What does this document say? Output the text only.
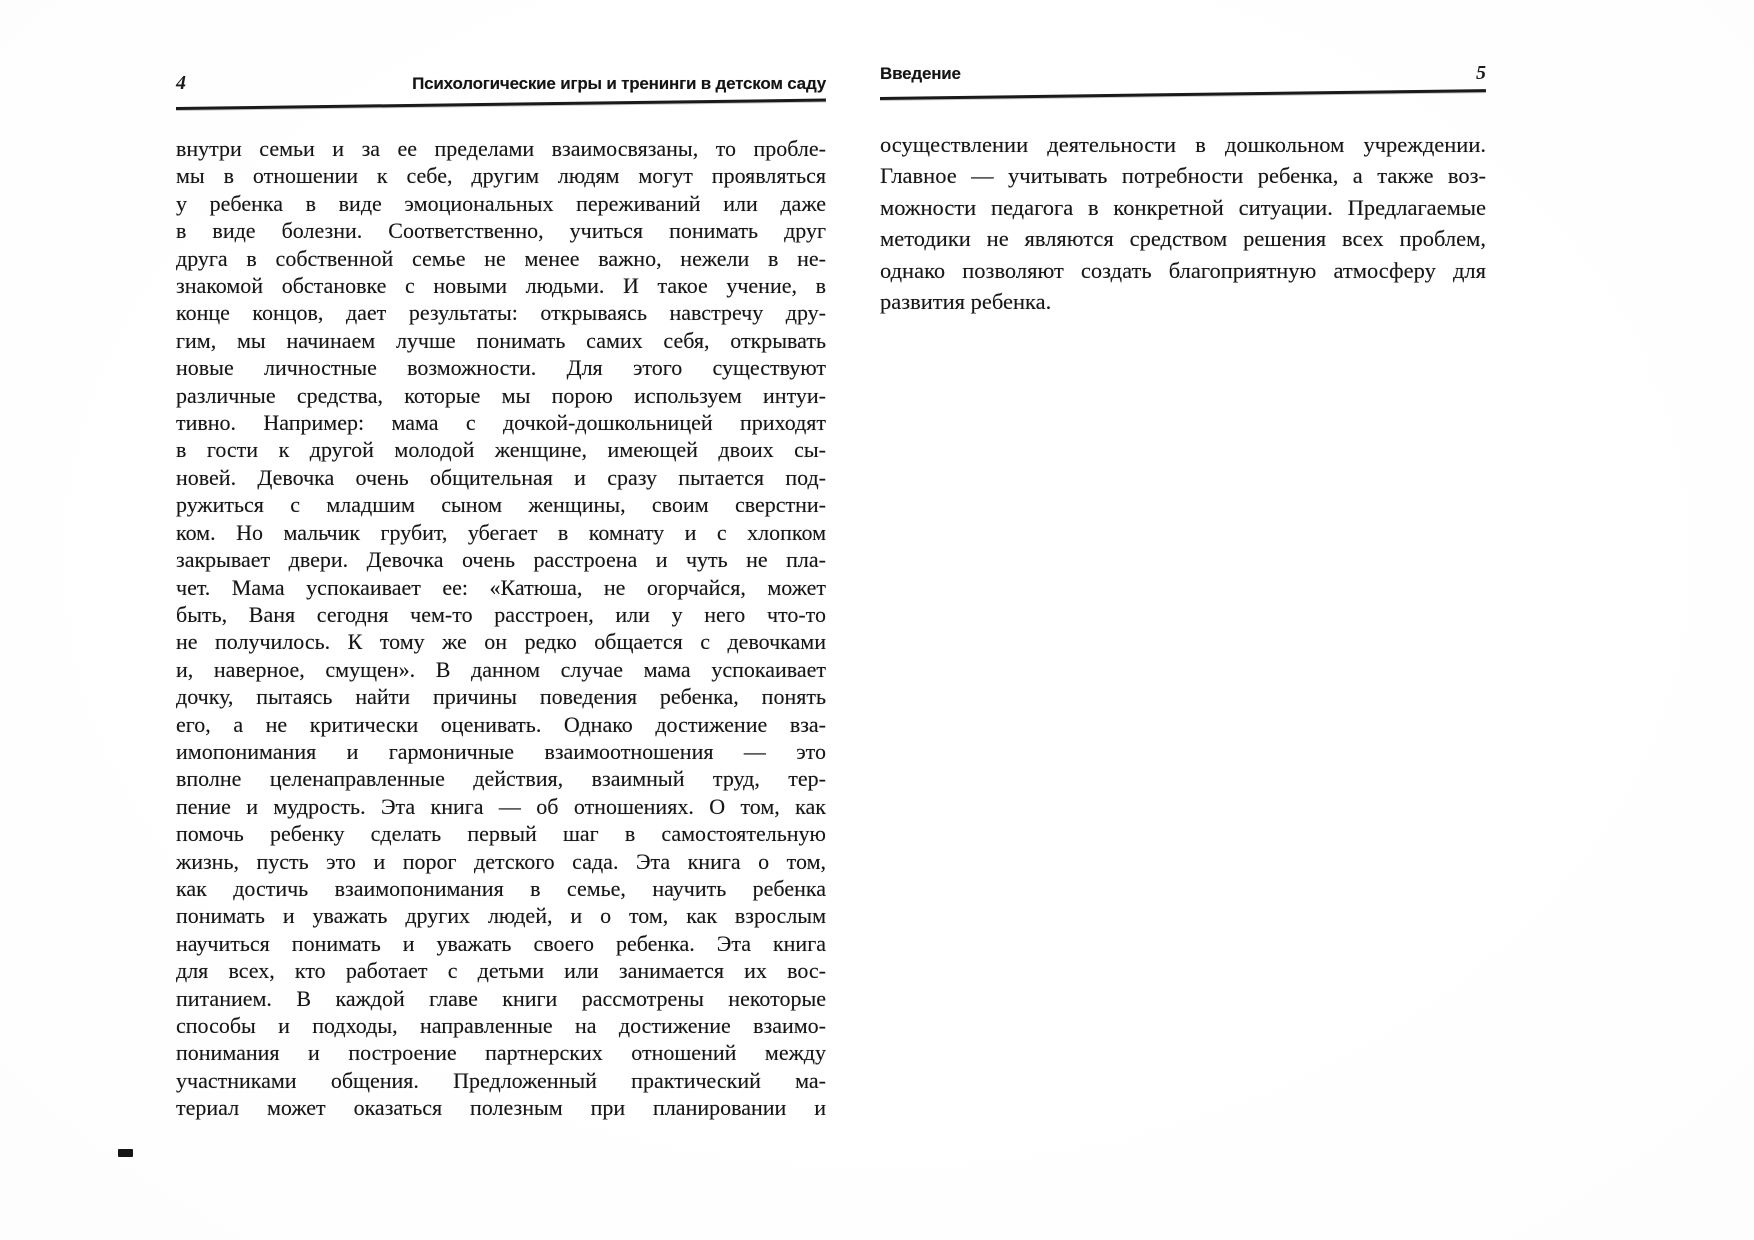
4	Психологические игры и тренинги в детском саду
внутри семьи и за ее пределами взаимосвязаны, то пробле-
мы в отношении к себе, другим людям могут проявляться
у ребенка в виде эмоциональных переживаний или даже
в виде болезни. Соответственно, учиться понимать друг
друга в собственной семье не менее важно, нежели в не-
знакомой обстановке с новыми людьми. И такое учение, в
конце концов, дает результаты: открываясь навстречу дру-
гим, мы начинаем лучше понимать самих себя, открывать
новые личностные возможности. Для этого существуют
различные средства, которые мы порою используем интуи-
тивно. Например: мама с дочкой-дошкольницей приходят
в гости к другой молодой женщине, имеющей двоих сы-
новей. Девочка очень общительная и сразу пытается под-
ружиться с младшим сыном женщины, своим сверстни-
ком. Но мальчик грубит, убегает в комнату и с хлопком
закрывает двери. Девочка очень расстроена и чуть не пла-
чет. Мама успокаивает ее: «Катюша, не огорчайся, может
быть, Ваня сегодня чем-то расстроен, или у него что-то
не получилось. К тому же он редко общается с девочками
и, наверное, смущен». В данном случае мама успокаивает
дочку, пытаясь найти причины поведения ребенка, понять
его, а не критически оценивать. Однако достижение вза-
имопонимания и гармоничные взаимоотношения — это
вполне целенаправленные действия, взаимный труд, тер-
пение и мудрость. Эта книга — об отношениях. О том, как
помочь ребенку сделать первый шаг в самостоятельную
жизнь, пусть это и порог детского сада. Эта книга о том,
как достичь взаимопонимания в семье, научить ребенка
понимать и уважать других людей, и о том, как взрослым
научиться понимать и уважать своего ребенка. Эта книга
для всех, кто работает с детьми или занимается их вос-
питанием. В каждой главе книги рассмотрены некоторые
способы и подходы, направленные на достижение взаимо-
понимания и построение партнерских отношений между
участниками общения. Предложенный практический ма-
териал может оказаться полезным при планировании и
Введение	5
осуществлении деятельности в дошкольном учреждении.
Главное — учитывать потребности ребенка, а также воз-
можности педагога в конкретной ситуации. Предлагаемые
методики не являются средством решения всех проблем,
однако позволяют создать благоприятную атмосферу для
развития ребенка.
